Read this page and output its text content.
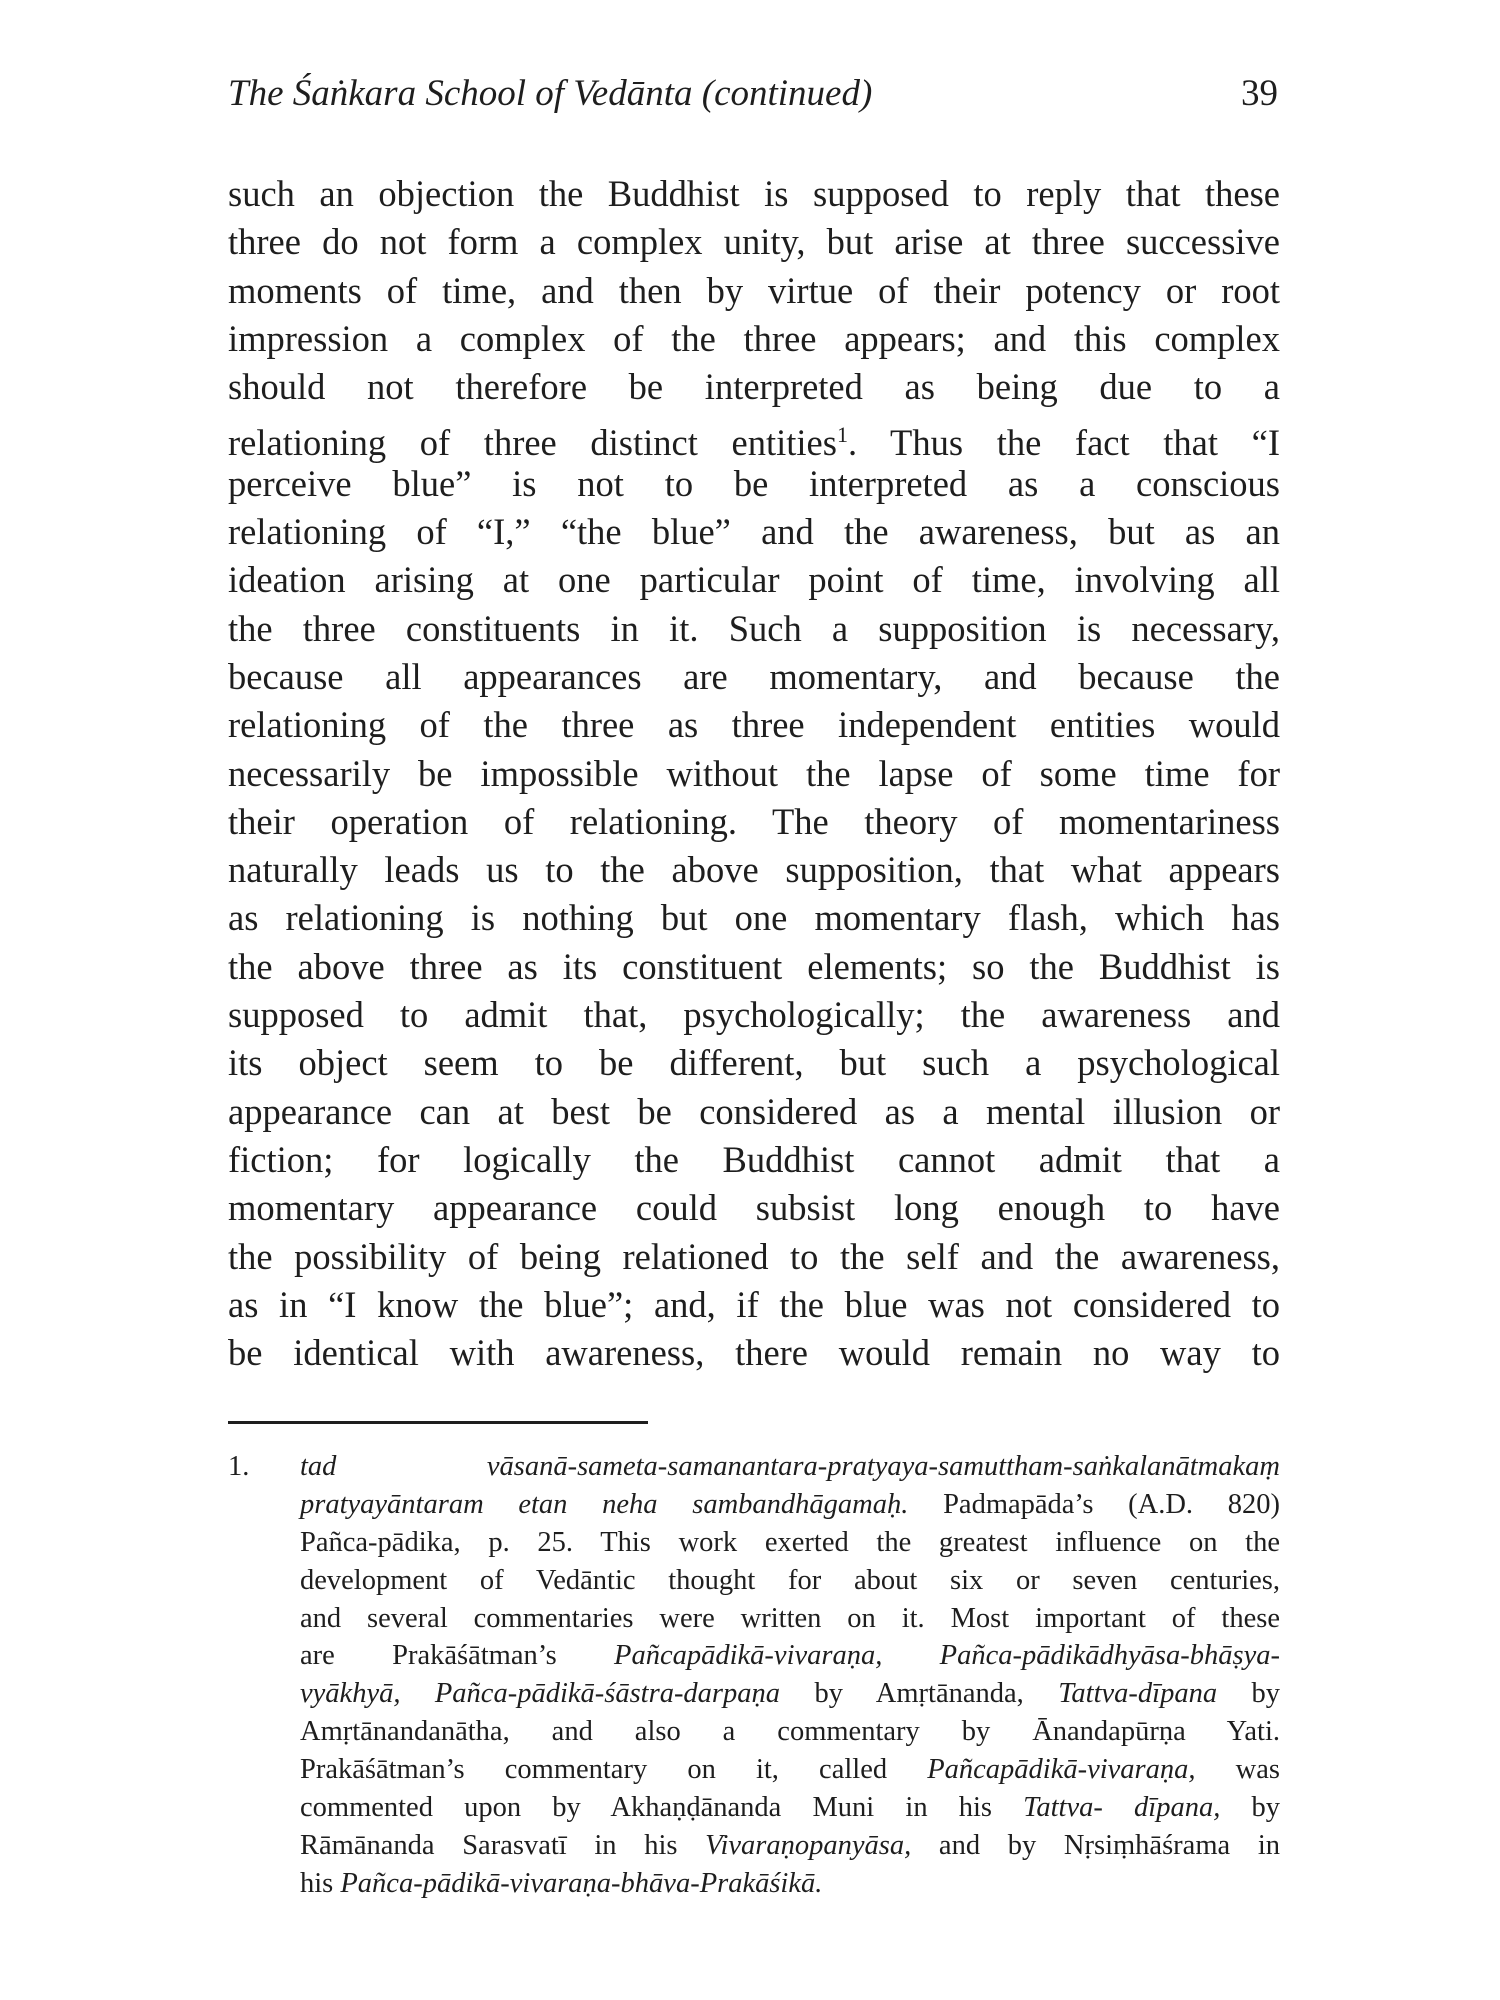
The Śaṅkara School of Vedānta (continued)	39
such an objection the Buddhist is supposed to reply that these
three do not form a complex unity, but arise at three successive
moments of time, and then by virtue of their potency or root
impression a complex of the three appears; and this complex
should not therefore be interpreted as being due to a
relationing of three distinct entities$^1$. Thus the fact that “I
perceive blue” is not to be interpreted as a conscious
relationing of “I,” “the blue” and the awareness, but as an
ideation arising at one particular point of time, involving all
the three constituents in it. Such a supposition is necessary,
because all appearances are momentary, and because the
relationing of the three as three independent entities would
necessarily be impossible without the lapse of some time for
their operation of relationing. The theory of momentariness
naturally leads us to the above supposition, that what appears
as relationing is nothing but one momentary flash, which has
the above three as its constituent elements; so the Buddhist is
supposed to admit that, psychologically; the awareness and
its object seem to be different, but such a psychological
appearance can at best be considered as a mental illusion or
fiction; for logically the Buddhist cannot admit that a
momentary appearance could subsist long enough to have
the possibility of being relationed to the self and the awareness,
as in “I know the blue”; and, if the blue was not considered to
be identical with awareness, there would remain no way to
1.	tad vāsanā-sameta-samanantara-pratyaya-samuttham-saṅkalanātmakaṃ
pratyayāntaram etan neha sambandhāgamaḥ. Padmapāda’s (A.D. 820)
Pañca-pādika, p. 25. This work exerted the greatest influence on the
development of Vedāntic thought for about six or seven centuries,
and several commentaries were written on it. Most important of these
are Prakāśātman’s Pañcapādikā-vivaraṇa, Pañca-pādikādhyāsa-bhāṣya-
vyākhyā, Pañca-pādikā-śāstra-darpaṇa by Amṛtānanda, Tattva-dīpana by
Amṛtānandanātha, and also a commentary by Ānandapūrṇa Yati.
Prakāśātman’s commentary on it, called Pañcapādikā-vivaraṇa, was
commented upon by Akhaṇḍānanda Muni in his Tattva- dīpana, by
Rāmānanda Sarasvatī in his Vivaraṇopanyāsa, and by Nṛsiṃhāśrama in
his Pañca-pādikā-vivaraṇa-bhāva-Prakāśikā.
